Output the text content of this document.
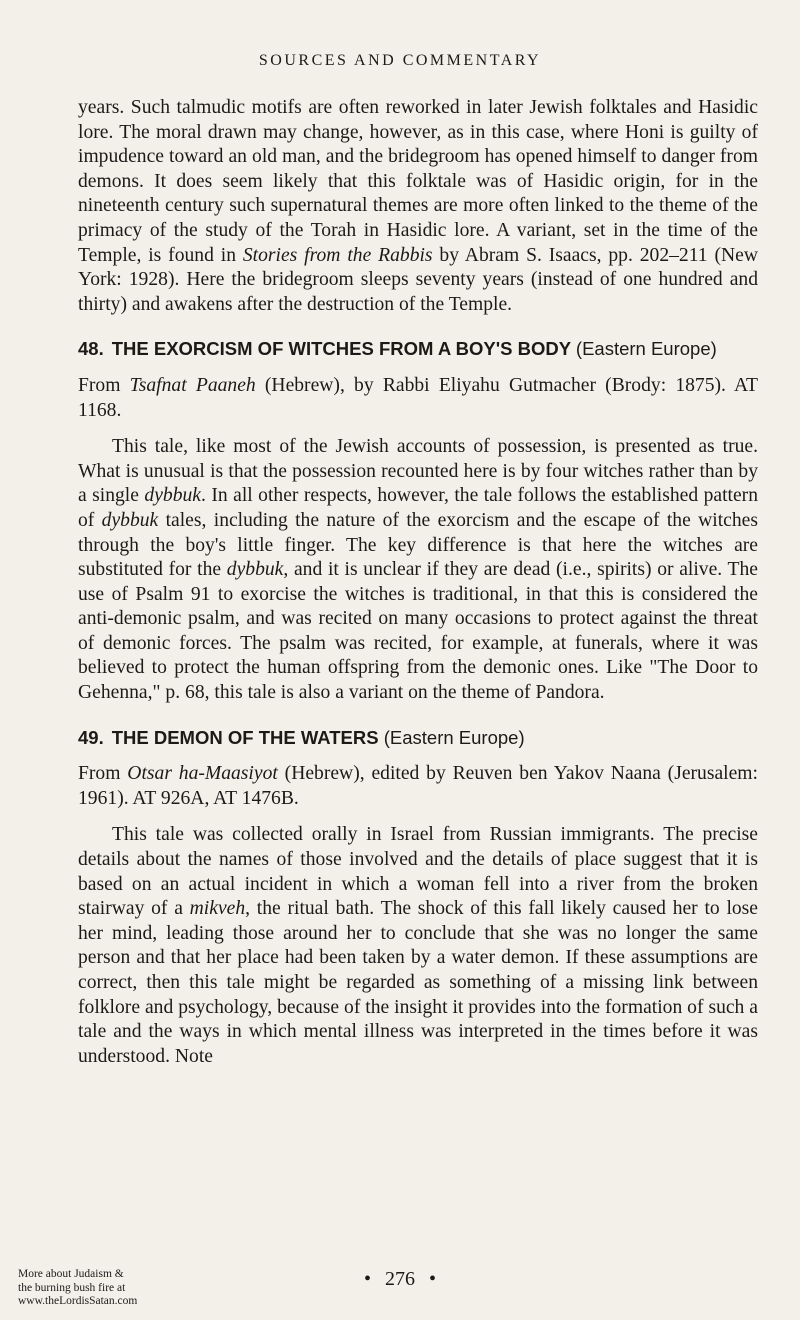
SOURCES AND COMMENTARY

years. Such talmudic motifs are often reworked in later Jewish folktales and Hasidic lore. The moral drawn may change, however, as in this case, where Honi is guilty of impudence toward an old man, and the bridegroom has opened himself to danger from demons. It does seem likely that this folktale was of Hasidic origin, for in the nineteenth century such supernatural themes are more often linked to the theme of the primacy of the study of the Torah in Hasidic lore. A variant, set in the time of the Temple, is found in Stories from the Rabbis by Abram S. Isaacs, pp. 202–211 (New York: 1928). Here the bridegroom sleeps seventy years (instead of one hundred and thirty) and awakens after the destruction of the Temple.

48. THE EXORCISM OF WITCHES FROM A BOY'S BODY (Eastern Europe)

From Tsafnat Paaneh (Hebrew), by Rabbi Eliyahu Gutmacher (Brody: 1875). AT 1168.

This tale, like most of the Jewish accounts of possession, is presented as true. What is unusual is that the possession recounted here is by four witches rather than by a single dybbuk. In all other respects, however, the tale follows the established pattern of dybbuk tales, including the nature of the exorcism and the escape of the witches through the boy's little finger. The key difference is that here the witches are substituted for the dybbuk, and it is unclear if they are dead (i.e., spirits) or alive. The use of Psalm 91 to exorcise the witches is traditional, in that this is considered the anti-demonic psalm, and was recited on many occasions to protect against the threat of demonic forces. The psalm was recited, for example, at funerals, where it was believed to protect the human offspring from the demonic ones. Like "The Door to Gehenna," p. 68, this tale is also a variant on the theme of Pandora.

49. THE DEMON OF THE WATERS (Eastern Europe)

From Otsar ha-Maasiyot (Hebrew), edited by Reuven ben Yakov Naana (Jerusalem: 1961). AT 926A, AT 1476B.

This tale was collected orally in Israel from Russian immigrants. The precise details about the names of those involved and the details of place suggest that it is based on an actual incident in which a woman fell into a river from the broken stairway of a mikveh, the ritual bath. The shock of this fall likely caused her to lose her mind, leading those around her to conclude that she was no longer the same person and that her place had been taken by a water demon. If these assumptions are correct, then this tale might be regarded as something of a missing link between folklore and psychology, because of the insight it provides into the formation of such a tale and the ways in which mental illness was interpreted in the times before it was understood. Note

• 276 •
More about Judaism &
the burning bush fire at
www.theLordisSatan.com
